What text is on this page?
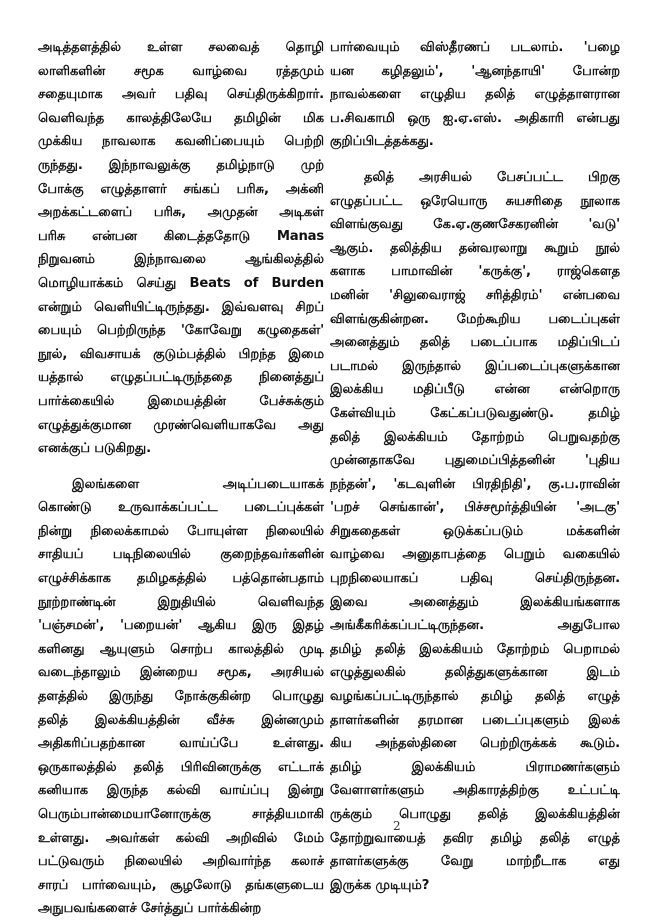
அடித்தளத்தில் உள்ள சலவைத் தொழி
லாளிகளின் சமூக வாழ்வை ரத்தமும்
சதையுமாக அவர் பதிவு செய்திருக்கிறார்.
வெளிவந்த காலத்திலேயே தமிழின் மிக
முக்கிய நாவலாக கவனிப்பையும் பெற்றி
ருந்தது. இந்நாவலுக்கு தமிழ்நாடு முற்
போக்கு எழுத்தாளர் சங்கப் பரிசு, அக்னி
அறக்கட்டளைப் பரிசு, அமுதன் அடிகள்
பரிசு என்பன கிடைத்ததோடு Manas
நிறுவனம் இந்நாவலை ஆங்கிலத்தில்
மொழியாக்கம் செய்து Beats of Burden
என்றும் வெளியிட்டிருந்தது. இவ்வளவு சிறப்
பையும் பெற்றிருந்த 'கோவேறு கழுதைகள்'
நூல், விவசாயக் குடும்பத்தில் பிறந்த இமை
யத்தால் எழுதப்பட்டிருந்ததை நினைத்துப்
பார்க்கையில் இமையத்தின் பேச்சுக்கும்
எழுத்துக்குமான முரண்வெளியாகவே அது
எனக்குப் படுகிறது.
இலங்களை அடிப்படையாகக்
கொண்டு உருவாக்கப்பட்ட படைப்புக்கள்
நின்று நிலைக்காமல் போயுள்ள நிலையில்
சாதியப் படிநிலையில் குறைந்தவர்களின்
எழுச்சிக்காக தமிழகத்தில் பத்தொன்பதாம்
நூற்றாண்டின் இறுதியில் வெளிவந்த
'பஞ்சமன்', 'பறையன்' ஆகிய இரு இதழ்
களினது ஆயுளும் சொற்ப காலத்தில் முடி
வடைந்தாலும் இன்றைய சமூக, அரசியல்
தளத்தில் இருந்து நோக்குகின்ற பொழுது
தலித் இலக்கியத்தின் வீச்சு இன்னமும்
அதிகரிப்பதற்கான வாய்ப்பே உள்ளது.
ஒருகாலத்தில் தலித் பிரிவினருக்கு எட்டாக்
கனியாக இருந்த கல்வி வாய்ப்பு இன்று
பெரும்பான்மையானோருக்கு சாத்தியமாகி
உள்ளது. அவர்கள் கல்வி அறிவில் மேம்
பட்டுவரும் நிலையில் அறிவார்ந்த கலாச்
சாரப் பார்வையும், சூழலோடு தங்களுடைய
அநுபவங்களைச் சேர்த்துப் பார்க்கின்ற
பார்வையும் விஸ்தீரணப் படலாம். 'பழை
யன கழிதலும்', 'ஆனந்தாயி' போன்ற
நாவல்களை எழுதிய தலித் எழுத்தாளரான
ப.சிவகாமி ஒரு ஐ.ஏ.எஸ். அதிகாரி என்பது
குறிப்பிடத்தக்கது.
தலித் அரசியல் பேசப்பட்ட பிறகு
எழுதப்பட்ட ஒரேயொரு சுயசரிதை நூலாக
விளங்குவது கே.ஏ.குணசேகரனின் 'வடு'
ஆகும். தலித்திய தன்வரலாறு கூறும் நூல்
களாக பாமாவின் 'கருக்கு', ராஜ்கௌத
மனின் 'சிலுவைராஜ் சரித்திரம்' என்பவை
விளங்குகின்றன. மேற்கூறிய படைப்புகள்
அனைத்தும் தலித் படைப்பாக மதிப்பிடப்
படாமல் இருந்தால் இப்படைப்புகளுக்கான
இலக்கிய மதிப்பீடு என்ன என்றொரு
கேள்வியும் கேட்கப்படுவதுண்டு. தமிழ்
தலித் இலக்கியம் தோற்றம் பெறுவதற்கு
முன்னதாகவே புதுமைப்பித்தனின் 'புதிய
நந்தன்', 'கடவுளின் பிரதிநிதி', கு.ப.ராவின்
'பறச் செங்கான்', பிச்சமூர்த்தியின் 'அடகு'
சிறுகதைகள் ஒடுக்கப்படும் மக்களின்
வாழ்வை அனுதாபத்தை பெறும் வகையில்
புறநிலையாகப் பதிவு செய்திருந்தன.
இவை அனைத்தும் இலக்கியங்களாக
அங்கீகரிக்கப்பட்டிருந்தன. அதுபோல
தமிழ் தலித் இலக்கியம் தோற்றம் பெறாமல்
எழுத்துலகில் தலித்துகளுக்கான இடம்
வழங்கப்பட்டிருந்தால் தமிழ் தலித் எழுத்
தாளர்களின் தரமான படைப்புகளும் இலக்
கிய அந்தஸ்தினை பெற்றிருக்கக் கூடும்.
தமிழ் இலக்கியம் பிராமணர்களும்
வேளாளர்களும் அதிகாரத்திற்கு உட்பட்டி
ருக்கும் பொழுது தலித் இலக்கியத்தின்
தோற்றுவாயைத் தவிர தமிழ் தலித் எழுத்
தாளர்களுக்கு வேறு மாற்றீடாக எது
இருக்க முடியும்?
2
